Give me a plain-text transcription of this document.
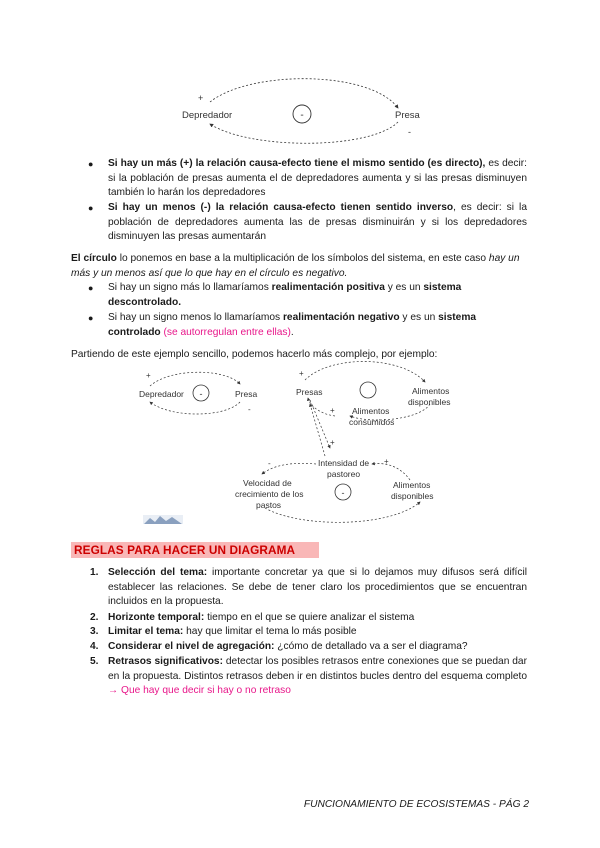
-
Depredador	Presa
+
-
● Si hay un más (+) la relación causa-efecto tiene el mismo sentido (es directo), es decir: si la población de presas aumenta el de depredadores aumenta y si las presas disminuyen también lo harán los depredadores
● Si hay un menos (-) la relación causa-efecto tienen sentido inverso, es decir: si la población de depredadores aumenta las de presas disminuirán y si los depredadores disminuyen las presas aumentarán
El círculo lo ponemos en base a la multiplicación de los símbolos del sistema, en este caso hay un más y un menos así que lo que hay en el círculo es negativo.
● Si hay un signo más lo llamaríamos realimentación positiva y es un sistema descontrolado.
● Si hay un signo menos lo llamaríamos realimentación negativo y es un sistema controlado (se autorregulan entre ellas).
Partiendo de este ejemplo sencillo, podemos hacerlo más complejo, por ejemplo:
-
Depredador	Presa
+
-
Presas	Alimentos
disponibles
Alimentos
consumidos
+
+
+
-
Intensidad de
pastoreo
Velocidad de
crecimiento de los
pastos
Alimentos
disponibles
-	+
REGLAS PARA HACER UN DIAGRAMA
1. Selección del tema: importante concretar ya que si lo dejamos muy difusos será difícil establecer las relaciones. Se debe de tener claro los procedimientos que se encuentran incluidos en la propuesta.
2. Horizonte temporal: tiempo en el que se quiere analizar el sistema
3. Limitar el tema: hay que limitar el tema lo más posible
4. Considerar el nivel de agregación: ¿cómo de detallado va a ser el diagrama?
5. Retrasos significativos: detectar los posibles retrasos entre conexiones que se puedan dar en la propuesta. Distintos retrasos deben ir en distintos bucles dentro del esquema completo → Que hay que decir si hay o no retraso
FUNCIONAMIENTO DE ECOSISTEMAS - PÁG 2
